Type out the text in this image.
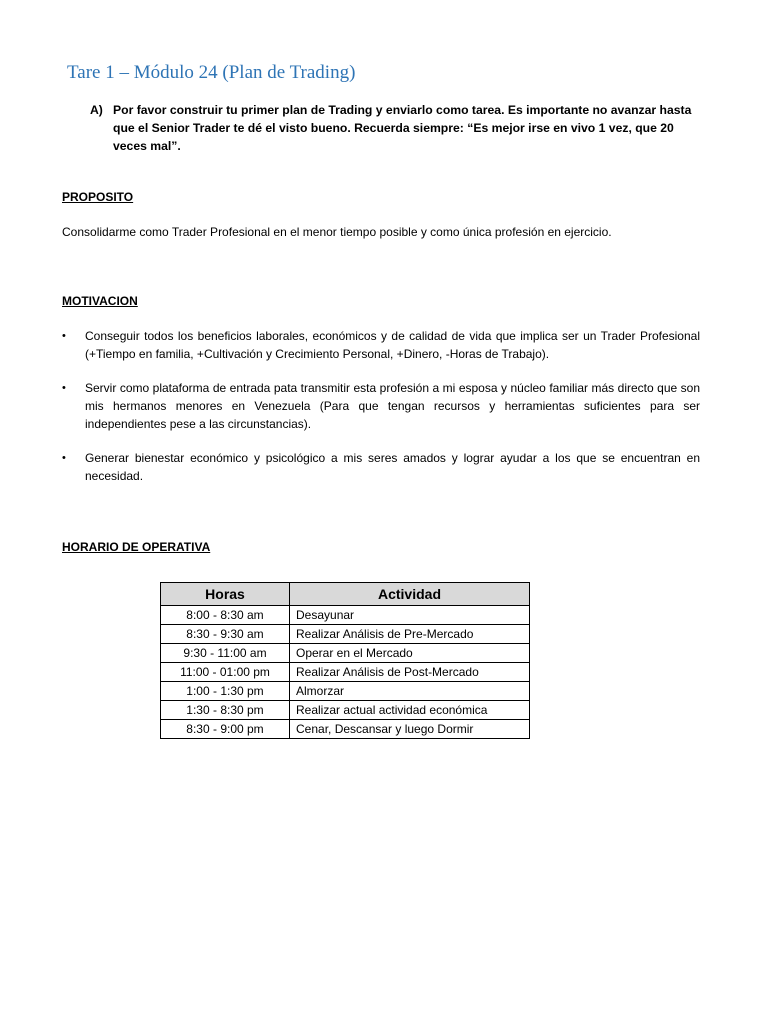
Tare 1 – Módulo 24 (Plan de Trading)
A) Por favor construir tu primer plan de Trading y enviarlo como tarea. Es importante no avanzar hasta que el Senior Trader te dé el visto bueno. Recuerda siempre: “Es mejor irse en vivo 1 vez, que 20 veces mal”.
PROPOSITO
Consolidarme como Trader Profesional en el menor tiempo posible y como única profesión en ejercicio.
MOTIVACION
•	Conseguir todos los beneficios laborales, económicos y de calidad de vida que implica ser un Trader Profesional (+Tiempo en familia, +Cultivación y Crecimiento Personal, +Dinero, -Horas de Trabajo).
•	Servir como plataforma de entrada pata transmitir esta profesión a mi esposa y núcleo familiar más directo que son mis hermanos menores en Venezuela (Para que tengan recursos y herramientas suficientes para ser independientes pese a las circunstancias).
•	Generar bienestar económico y psicológico a mis seres amados y lograr ayudar a los que se encuentran en necesidad.
HORARIO DE OPERATIVA
Horas	Actividad
8:00 - 8:30 am	Desayunar
8:30 - 9:30 am	Realizar Análisis de Pre-Mercado
9:30 - 11:00 am	Operar en el Mercado
11:00 - 01:00 pm	Realizar Análisis de Post-Mercado
1:00 - 1:30 pm	Almorzar
1:30 - 8:30 pm	Realizar actual actividad económica
8:30 - 9:00 pm	Cenar, Descansar y luego Dormir
